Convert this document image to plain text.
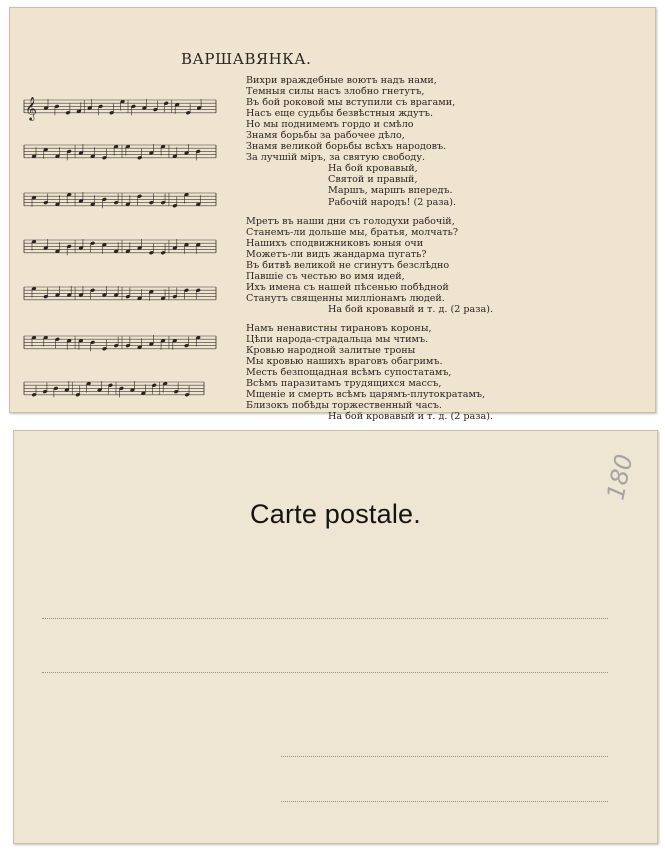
ВАРШАВЯНКА.
𝄞
Вихри враждебные воютъ надъ нами,
Темныя силы насъ злобно гнетутъ,
Въ бой роковой мы вступили съ врагами,
Насъ еще судьбы безвѣстныя ждутъ.
Но мы поднимемъ гордо и смѣло
Знамя борьбы за рабочее дѣло,
Знамя великой борьбы всѣхъ народовъ.
За лучшій міръ, за святую свободу.
На бой кровавый,
Святой и правый,
Маршъ, маршъ впередъ.
Рабочій народъ! (2 раза).
Мретъ въ наши дни съ голодухи рабочій,
Станемъ-ли дольше мы, братья, молчать?
Нашихъ сподвижниковъ юныя очи
Можетъ-ли видъ жандарма пугать?
Въ битвѣ великой не сгинутъ безслѣдно
Павшіе съ честью во имя идей,
Ихъ имена съ нашей пѣсенью побѣдной
Станутъ священны милліонамъ людей.
На бой кровавый и т. д. (2 раза).
Намъ ненавистны тирановъ короны,
Цѣпи народа-страдальца мы чтимъ.
Кровью народной залитые троны
Мы кровью нашихъ враговъ обагримъ.
Месть безпощадная всѣмъ супостатамъ,
Всѣмъ паразитамъ трудящихся массъ,
Мщеніе и смерть всѣмъ царямъ-плутократамъ,
Близокъ побѣды торжественный часъ.
На бой кровавый и т. д. (2 раза).
Carte postale.
180
